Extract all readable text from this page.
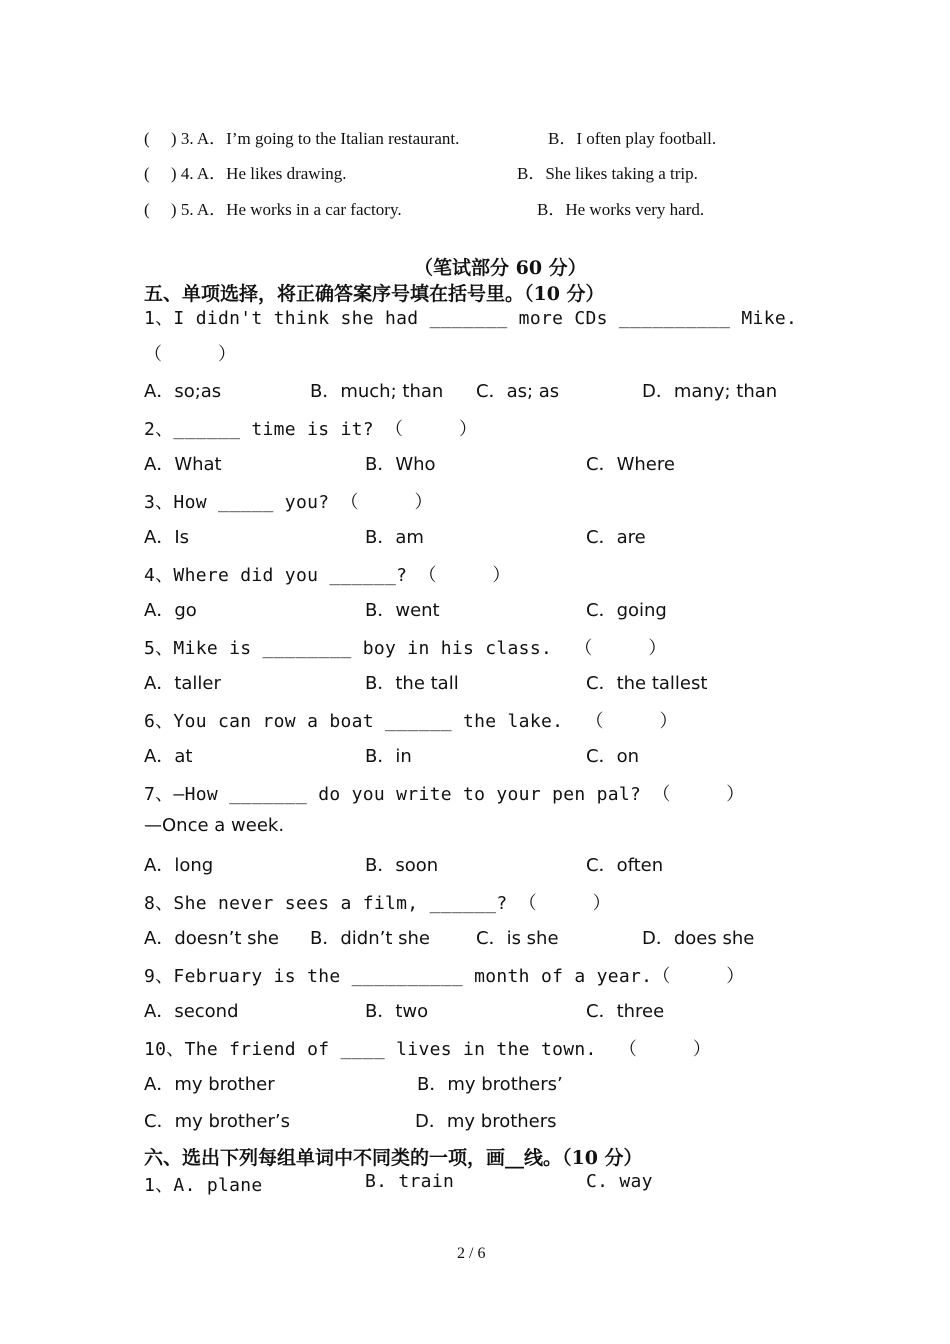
(     ) 3. A．I’m going to the Italian restaurant.	B．I often play football.
(     ) 4. A．He likes drawing.	B．She likes taking a trip.
(     ) 5. A．He works in a car factory.	B．He works very hard.
（笔试部分 60 分）
五、单项选择，将正确答案序号填在括号里。（10 分）
1、I didn't think she had _______ more CDs __________ Mike.
（     ）
A．so;as	B．much; than C．as; as	D．many; than
2、______ time is it? （     ）
A．What	B．Who	C．Where
3、How _____ you? （     ）
A．Is	B．am	C．are
4、Where did you ______? （     ）
A．go	B．went	C．going
5、Mike is ________ boy in his class.  （     ）
A．taller	B．the tall	C．the tallest
6、You can row a boat ______ the lake.  （     ）
A．at	B．in	C．on
7、—How _______ do you write to your pen pal? （     ）
—Once a week.
A．long	B．soon	C．often
8、She never sees a film, ______? （     ）
A．doesn’t she B．didn’t she	C．is she	D．does she
9、February is the __________ month of a year.（     ）
A．second	B．two	C．three
10、The friend of ____ lives in the town.  （     ）
A．my brother	B．my brothers’
C．my brother’s	D．my brothers
六、选出下列每组单词中不同类的一项，画__线。（10 分）
1、A. plane	B. train	C. way
2 / 6
